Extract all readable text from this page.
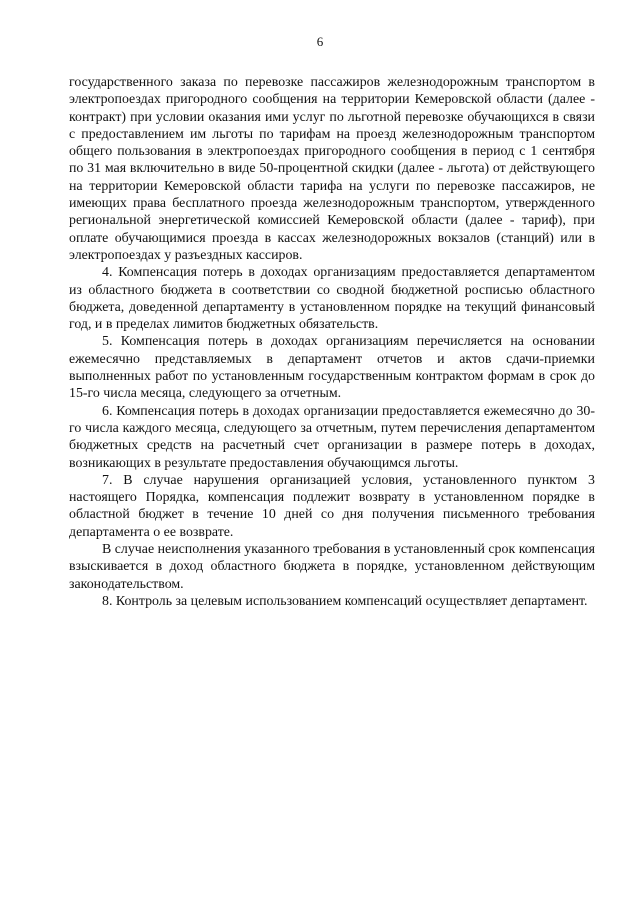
6

государственного заказа по перевозке пассажиров железнодорожным транспортом в электропоездах пригородного сообщения на территории Кемеровской области (далее - контракт) при условии оказания ими услуг по льготной перевозке обучающихся в связи с предоставлением им льготы по тарифам на проезд железнодорожным транспортом общего пользования в электропоездах пригородного сообщения в период с 1 сентября по 31 мая включительно в виде 50-процентной скидки (далее - льгота) от действующего на территории Кемеровской области тарифа на услуги по перевозке пассажиров, не имеющих права бесплатного проезда железнодорожным транспортом, утвержденного региональной энергетической комиссией Кемеровской области (далее - тариф), при оплате обучающимися проезда в кассах железнодорожных вокзалов (станций) или в электропоездах у разъездных кассиров.

4. Компенсация потерь в доходах организациям предоставляется департаментом из областного бюджета в соответствии со сводной бюджетной росписью областного бюджета, доведенной департаменту в установленном порядке на текущий финансовый год, и в пределах лимитов бюджетных обязательств.

5. Компенсация потерь в доходах организациям перечисляется на основании ежемесячно представляемых в департамент отчетов и актов сдачи-приемки выполненных работ по установленным государственным контрактом формам в срок до 15-го числа месяца, следующего за отчетным.

6. Компенсация потерь в доходах организации предоставляется ежемесячно до 30-го числа каждого месяца, следующего за отчетным, путем перечисления департаментом бюджетных средств на расчетный счет организации в размере потерь в доходах, возникающих в результате предоставления обучающимся льготы.

7. В случае нарушения организацией условия, установленного пунктом 3 настоящего Порядка, компенсация подлежит возврату в установленном порядке в областной бюджет в течение 10 дней со дня получения письменного требования департамента о ее возврате.

В случае неисполнения указанного требования в установленный срок компенсация взыскивается в доход областного бюджета в порядке, установленном действующим законодательством.

8. Контроль за целевым использованием компенсаций осуществляет департамент.
